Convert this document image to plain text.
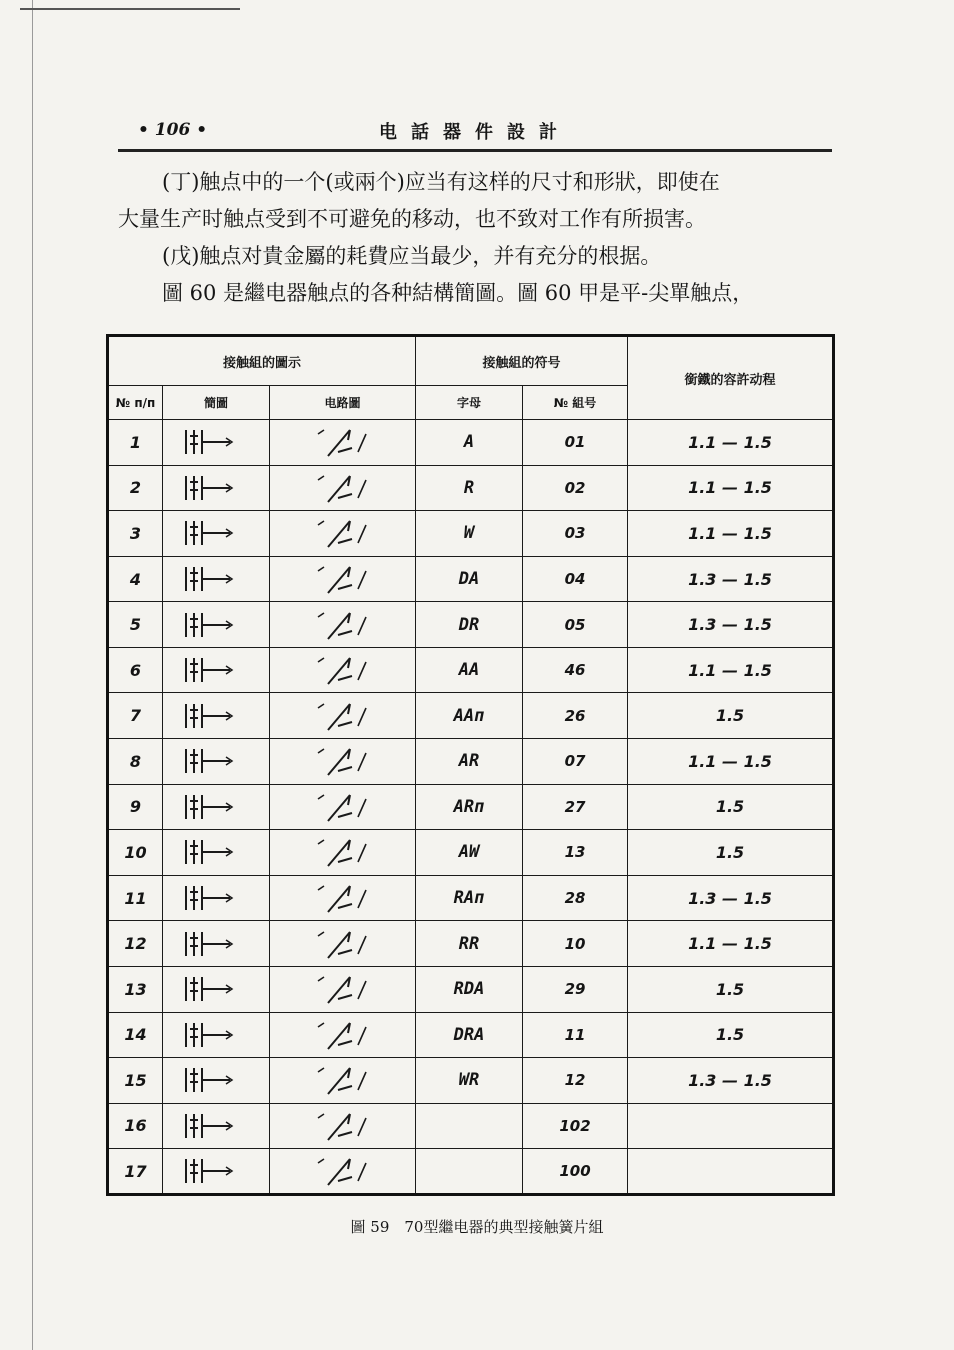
• 106 •	电話器件設計

(丁)触点中的一个(或兩个)应当有这样的尺寸和形狀，即使在

大量生产时触点受到不可避免的移动，也不致对工作有所损害。

(戊)触点对貴金屬的耗費应当最少，并有充分的根据。

圖 60 是繼电器触点的各种結構簡圖。圖 60 甲是平-尖單触点，

接触組的圖示			接触組的符号		銜鐵的容許动程
№ п/п	簡圖	电路圖	字母	№ 組号	
1			A	01	1.1 — 1.5
2			R	02	1.1 — 1.5
3			W	03	1.1 — 1.5
4			DA	04	1.3 — 1.5
5			DR	05	1.3 — 1.5
6			AA	46	1.1 — 1.5
7			AAп	26	1.5
8			AR	07	1.1 — 1.5
9			ARп	27	1.5
10			AW	13	1.5
11			RAп	28	1.3 — 1.5
12			RR	10	1.1 — 1.5
13			RDA	29	1.5
14			DRA	11	1.5
15			WR	12	1.3 — 1.5
16				102	
17				100	
圖 59　70型繼电器的典型接触簧片組
